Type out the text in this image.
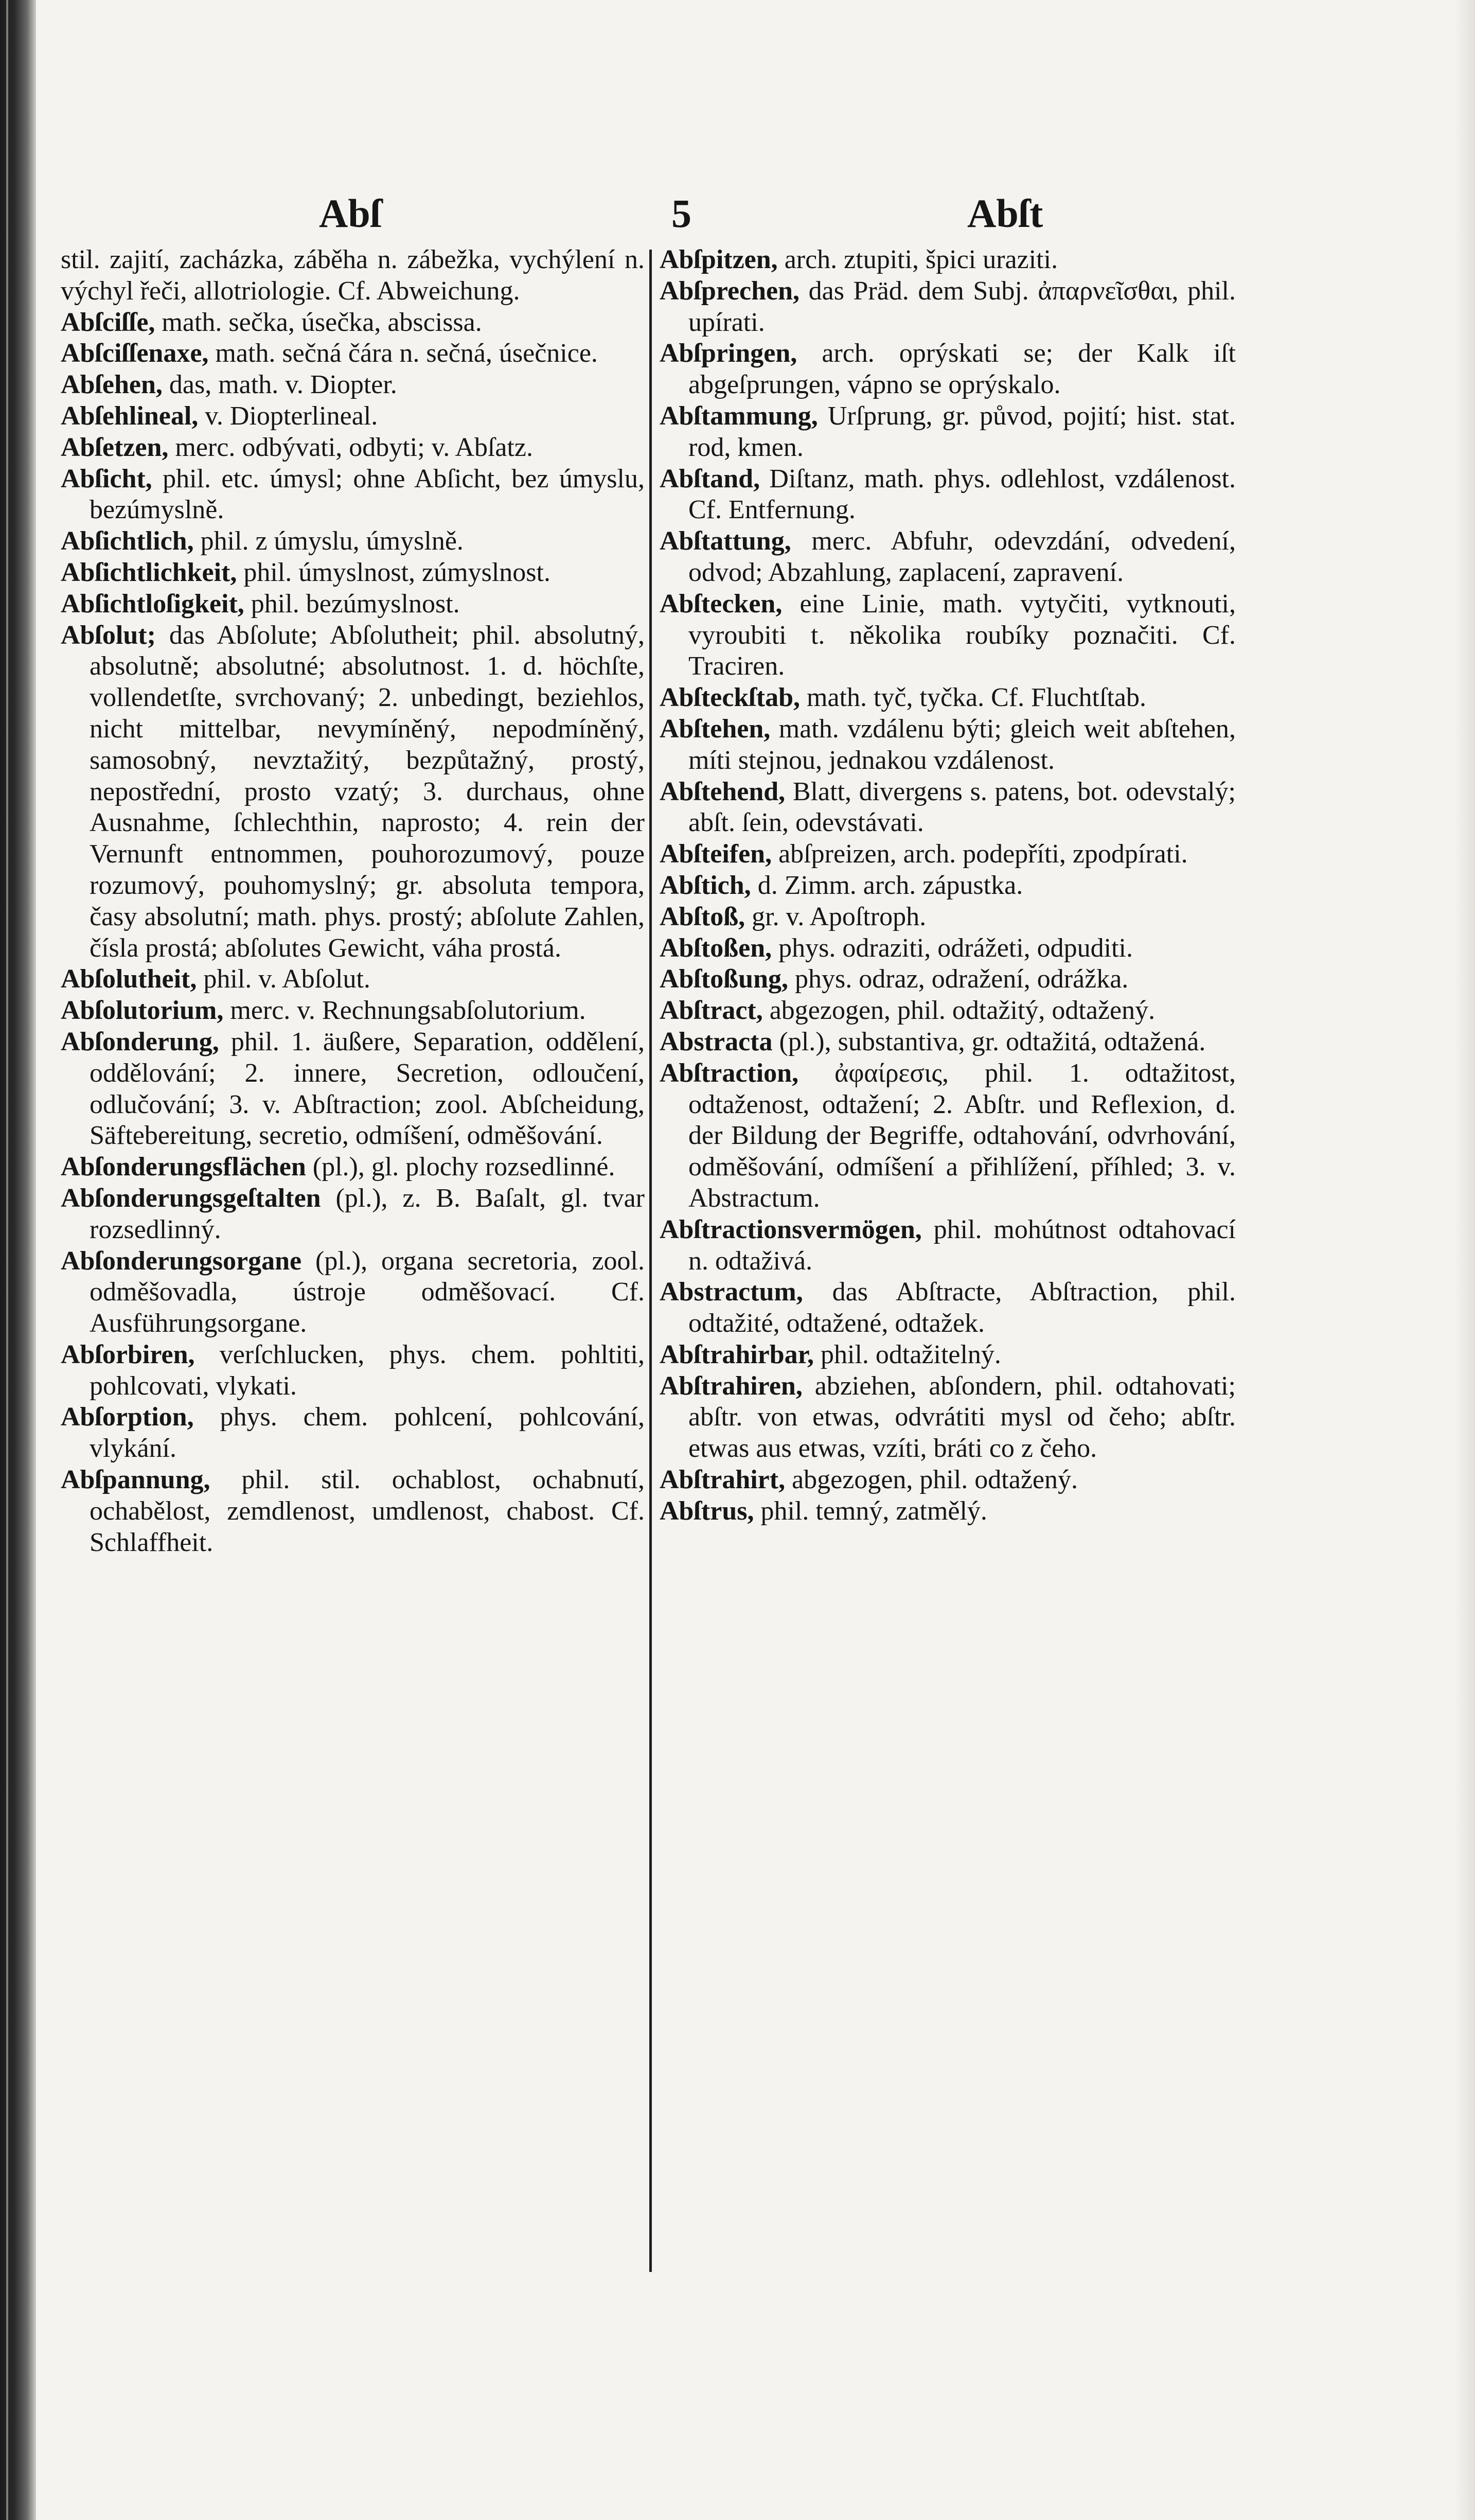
Abſ	5	Abſt

stil. zajití, zacházka, záběha n. zábežka, vychýlení n. výchyl řeči, allotriologie. Cf. Abweichung.

Abſciſſe, math. sečka, úsečka, abscissa.

Abſciſſenaxe, math. sečná čára n. sečná, úsečnice.

Abſehen, das, math. v. Diopter.

Abſehlineal, v. Diopterlineal.

Abſetzen, merc. odbývati, odbyti; v. Abſatz.

Abſicht, phil. etc. úmysl; ohne Abſicht, bez úmyslu, bezúmyslně.

Abſichtlich, phil. z úmyslu, úmyslně.

Abſichtlichkeit, phil. úmyslnost, zúmyslnost.

Abſichtloſigkeit, phil. bezúmyslnost.

Abſolut; das Abſolute; Abſolutheit; phil. absolutný, absolutně; absolutné; absolutnost. 1. d. höchſte, vollendetſte, svrchovaný; 2. unbedingt, beziehlos, nicht mittelbar, nevymíněný, nepodmíněný, samosobný, nevztažitý, bezpůtažný, prostý, nepostřední, prosto vzatý; 3. durchaus, ohne Ausnahme, ſchlechthin, naprosto; 4. rein der Vernunft entnommen, pouhorozumový, pouze rozumový, pouhomyslný; gr. absoluta tempora, časy absolutní; math. phys. prostý; abſolute Zahlen, čísla prostá; abſolutes Gewicht, váha prostá.

Abſolutheit, phil. v. Abſolut.

Abſolutorium, merc. v. Rechnungsabſolutorium.

Abſonderung, phil. 1. äußere, Separation, oddělení, oddělování; 2. innere, Secretion, odloučení, odlučování; 3. v. Abſtraction; zool. Abſcheidung, Säftebereitung, secretio, odmíšení, odměšování.

Abſonderungsflächen (pl.), gl. plochy rozsedlinné.

Abſonderungsgeſtalten (pl.), z. B. Baſalt, gl. tvar rozsedlinný.

Abſonderungsorgane (pl.), organa secretoria, zool. odměšovadla, ústroje odměšovací. Cf. Ausführungsorgane.

Abſorbiren, verſchlucken, phys. chem. pohltiti, pohlcovati, vlykati.

Abſorption, phys. chem. pohlcení, pohlcování, vlykání.

Abſpannung, phil. stil. ochablost, ochabnutí, ochabělost, zemdlenost, umdlenost, chabost. Cf. Schlaffheit.

Abſpitzen, arch. ztupiti, špici uraziti.

Abſprechen, das Präd. dem Subj. ἀπαρνεῖσθαι, phil. upírati.

Abſpringen, arch. oprýskati se; der Kalk iſt abgeſprungen, vápno se oprýskalo.

Abſtammung, Urſprung, gr. původ, pojití; hist. stat. rod, kmen.

Abſtand, Diſtanz, math. phys. odlehlost, vzdálenost. Cf. Entfernung.

Abſtattung, merc. Abfuhr, odevzdání, odvedení, odvod; Abzahlung, zaplacení, zapravení.

Abſtecken, eine Linie, math. vytyčiti, vytknouti, vyroubiti t. několika roubíky poznačiti. Cf. Traciren.

Abſteckſtab, math. tyč, tyčka. Cf. Fluchtſtab.

Abſtehen, math. vzdálenu býti; gleich weit abſtehen, míti stejnou, jednakou vzdálenost.

Abſtehend, Blatt, divergens s. patens, bot. odevstalý; abſt. ſein, odevstávati.

Abſteifen, abſpreizen, arch. podepříti, zpodpírati.

Abſtich, d. Zimm. arch. zápustka.

Abſtoß, gr. v. Apoſtroph.

Abſtoßen, phys. odraziti, odrážeti, odpuditi.

Abſtoßung, phys. odraz, odražení, odrážka.

Abſtract, abgezogen, phil. odtažitý, odtažený.

Abstracta (pl.), substantiva, gr. odtažitá, odtažená.

Abſtraction, ἀφαίρεσις, phil. 1. odtažitost, odtaženost, odtažení; 2. Abſtr. und Reflexion, d. der Bildung der Begriffe, odtahování, odvrhování, odměšování, odmíšení a přihlížení, příhled; 3. v. Abstractum.

Abſtractionsvermögen, phil. mohútnost odtahovací n. odtaživá.

Abstractum, das Abſtracte, Abſtraction, phil. odtažité, odtažené, odtažek.

Abſtrahirbar, phil. odtažitelný.

Abſtrahiren, abziehen, abſondern, phil. odtahovati; abſtr. von etwas, odvrátiti mysl od čeho; abſtr. etwas aus etwas, vzíti, bráti co z čeho.

Abſtrahirt, abgezogen, phil. odtažený.

Abſtrus, phil. temný, zatmělý.
